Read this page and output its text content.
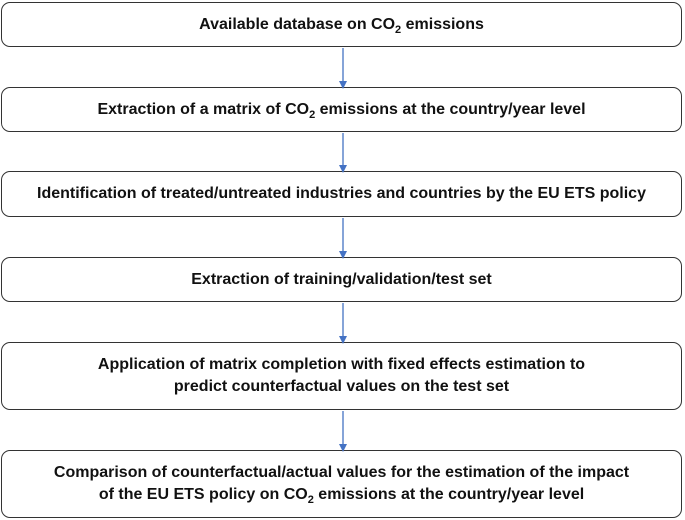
Available database on $CO_2$ emissions
Extraction of a matrix of $CO_2$ emissions at the country/year level
Identification of treated/untreated industries and countries by the EU ETS policy
Extraction of training/validation/test set
Application of matrix completion with fixed effects estimation to
predict counterfactual values on the test set
Comparison of counterfactual/actual values for the estimation of the impact
of the EU ETS policy on $CO_2$ emissions at the country/year level
